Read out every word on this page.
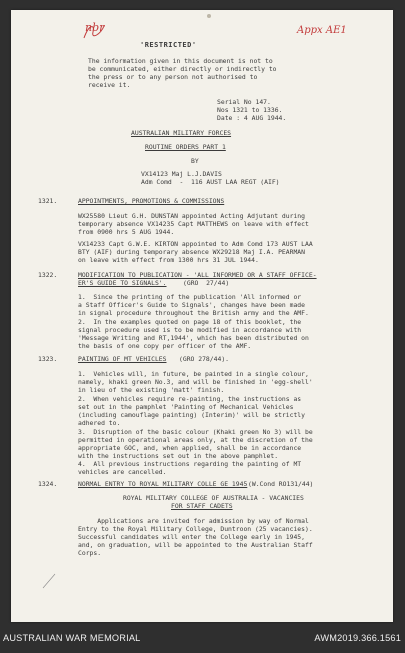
nbr	Appx AE1
'RESTRICTED'
The information given in this document is not to
be communicated, either directly or indirectly to
the press or to any person not authorised to
receive it.
Serial No 147.
Nos 1321 to 1336.
Date : 4 AUG 1944.
AUSTRALIAN MILITARY FORCES
ROUTINE ORDERS PART 1
BY
VX14123 Maj L.J.DAVIS
Adm Comd  -  116 AUST LAA REGT (AIF)
1321.	APPOINTMENTS, PROMOTIONS & COMMISSIONS
WX25580 Lieut G.H. DUNSTAN appointed Acting Adjutant during
temporary absence VX14235 Capt MATTHEWS on leave with effect
from 0900 hrs 5 AUG 1944.
VX14233 Capt G.W.E. KIRTON appointed to Adm Comd 173 AUST LAA
BTY (AIF) during temporary absence WX29218 Maj I.A. PEARMAN
on leave with effect from 1300 hrs 31 JUL 1944.
1322.	MODIFICATION TO PUBLICATION - 'ALL INFORMED OR A STAFF OFFICE-
ER'S GUIDE TO SIGNALS'.	(GRO  27/44)
1.  Since the printing of the publication 'All informed or
a Staff Officer's Guide to Signals', changes have been made
in signal procedure throughout the British army and the AMF.
2.  In the examples quoted on page 18 of this booklet, the
signal procedure used is to be modified in accordance with
'Message Writing and RT,1944', which has been distributed on
the basis of one copy per officer of the AMF.
1323.	PAINTING OF MT VEHICLES (GRO 278/44).
1.  Vehicles will, in future, be painted in a single colour,
namely, khaki green No.3, and will be finished in 'egg-shell'
in lieu of the existing 'matt' finish.
2.  When vehicles require re-painting, the instructions as
set out in the pamphlet 'Painting of Mechanical Vehicles
(including camouflage painting) (Interim)' will be strictly
adhered to.
3.  Disruption of the basic colour (Khaki green No 3) will be
permitted in operational areas only, at the discretion of the
appropriate GOC, and, when applied, shall be in accordance
with the instructions set out in the above pamphlet.
4.  All previous instructions regarding the painting of MT
vehicles are cancelled.
1324.	NORMAL ENTRY TO ROYAL MILITARY COLLE GE 1945 (W.Cond RO131/44)
ROYAL MILITARY COLLEGE OF AUSTRALIA - VACANCIES
FOR STAFF CADETS
Applications are invited for admission by way of Normal
Entry to the Royal Military College, Duntroon (25 vacancies).
Successful candidates will enter the College early in 1945,
and, on graduation, will be appointed to the Australian Staff
Corps.
AUSTRALIAN WAR MEMORIAL	AWM2019.366.1561
